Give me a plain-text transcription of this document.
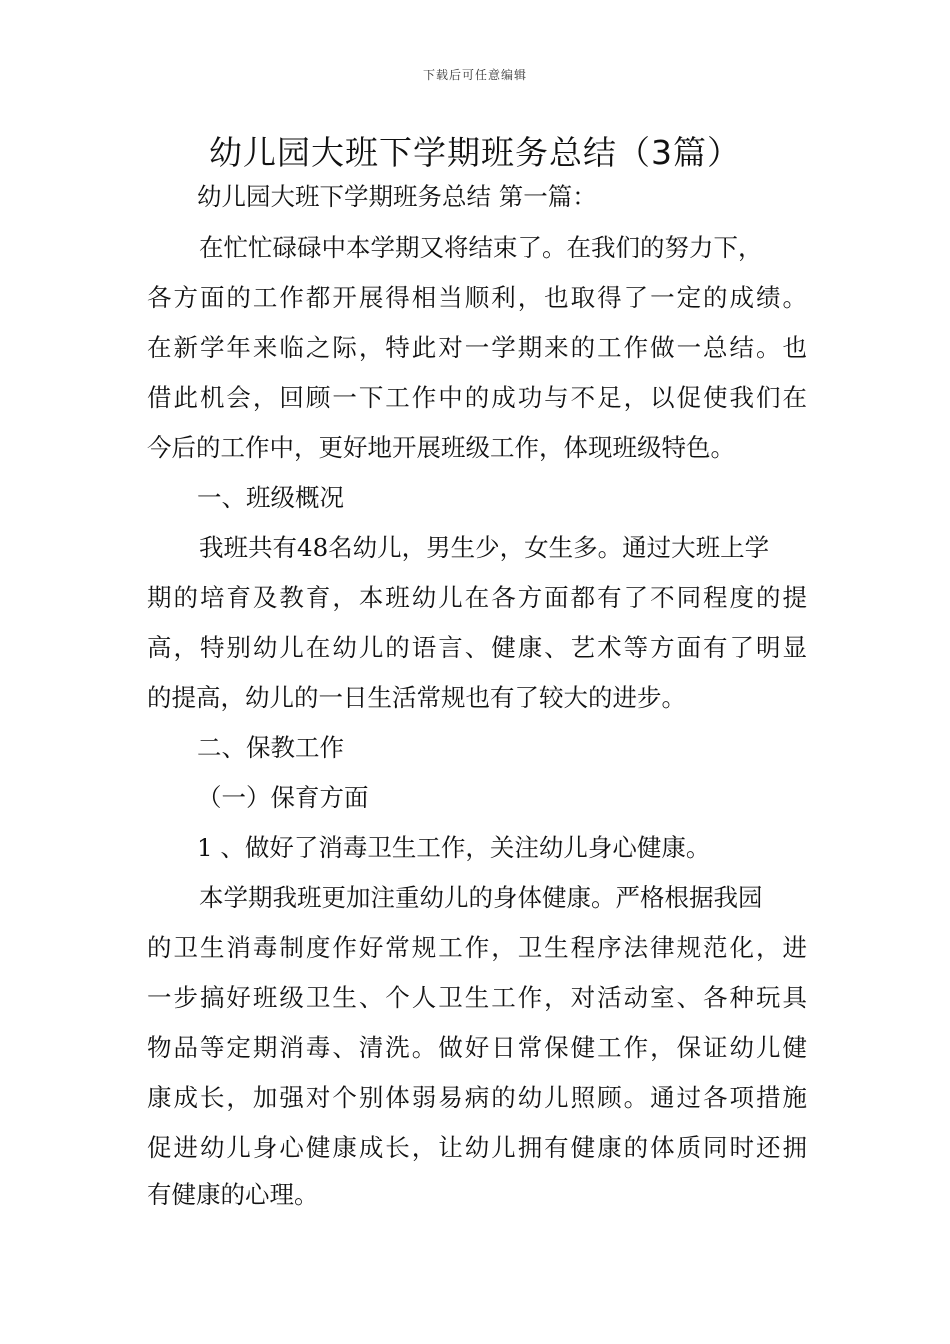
下载后可任意编辑
幼儿园大班下学期班务总结（3篇）
幼儿园大班下学期班务总结 第一篇：
在忙忙碌碌中本学期又将结束了。在我们的努力下，
各方面的工作都开展得相当顺利，也取得了一定的成绩。
在新学年来临之际，特此对一学期来的工作做一总结。也
借此机会，回顾一下工作中的成功与不足，以促使我们在
今后的工作中，更好地开展班级工作，体现班级特色。
一、班级概况
我班共有48名幼儿，男生少，女生多。通过大班上学
期的培育及教育，本班幼儿在各方面都有了不同程度的提
高，特别幼儿在幼儿的语言、健康、艺术等方面有了明显
的提高，幼儿的一日生活常规也有了较大的进步。
二、保教工作
（一）保育方面
1 、做好了消毒卫生工作，关注幼儿身心健康。
本学期我班更加注重幼儿的身体健康。严格根据我园
的卫生消毒制度作好常规工作，卫生程序法律规范化，进
一步搞好班级卫生、个人卫生工作，对活动室、各种玩具
物品等定期消毒、清洗。做好日常保健工作，保证幼儿健
康成长，加强对个别体弱易病的幼儿照顾。通过各项措施
促进幼儿身心健康成长，让幼儿拥有健康的体质同时还拥
有健康的心理。
